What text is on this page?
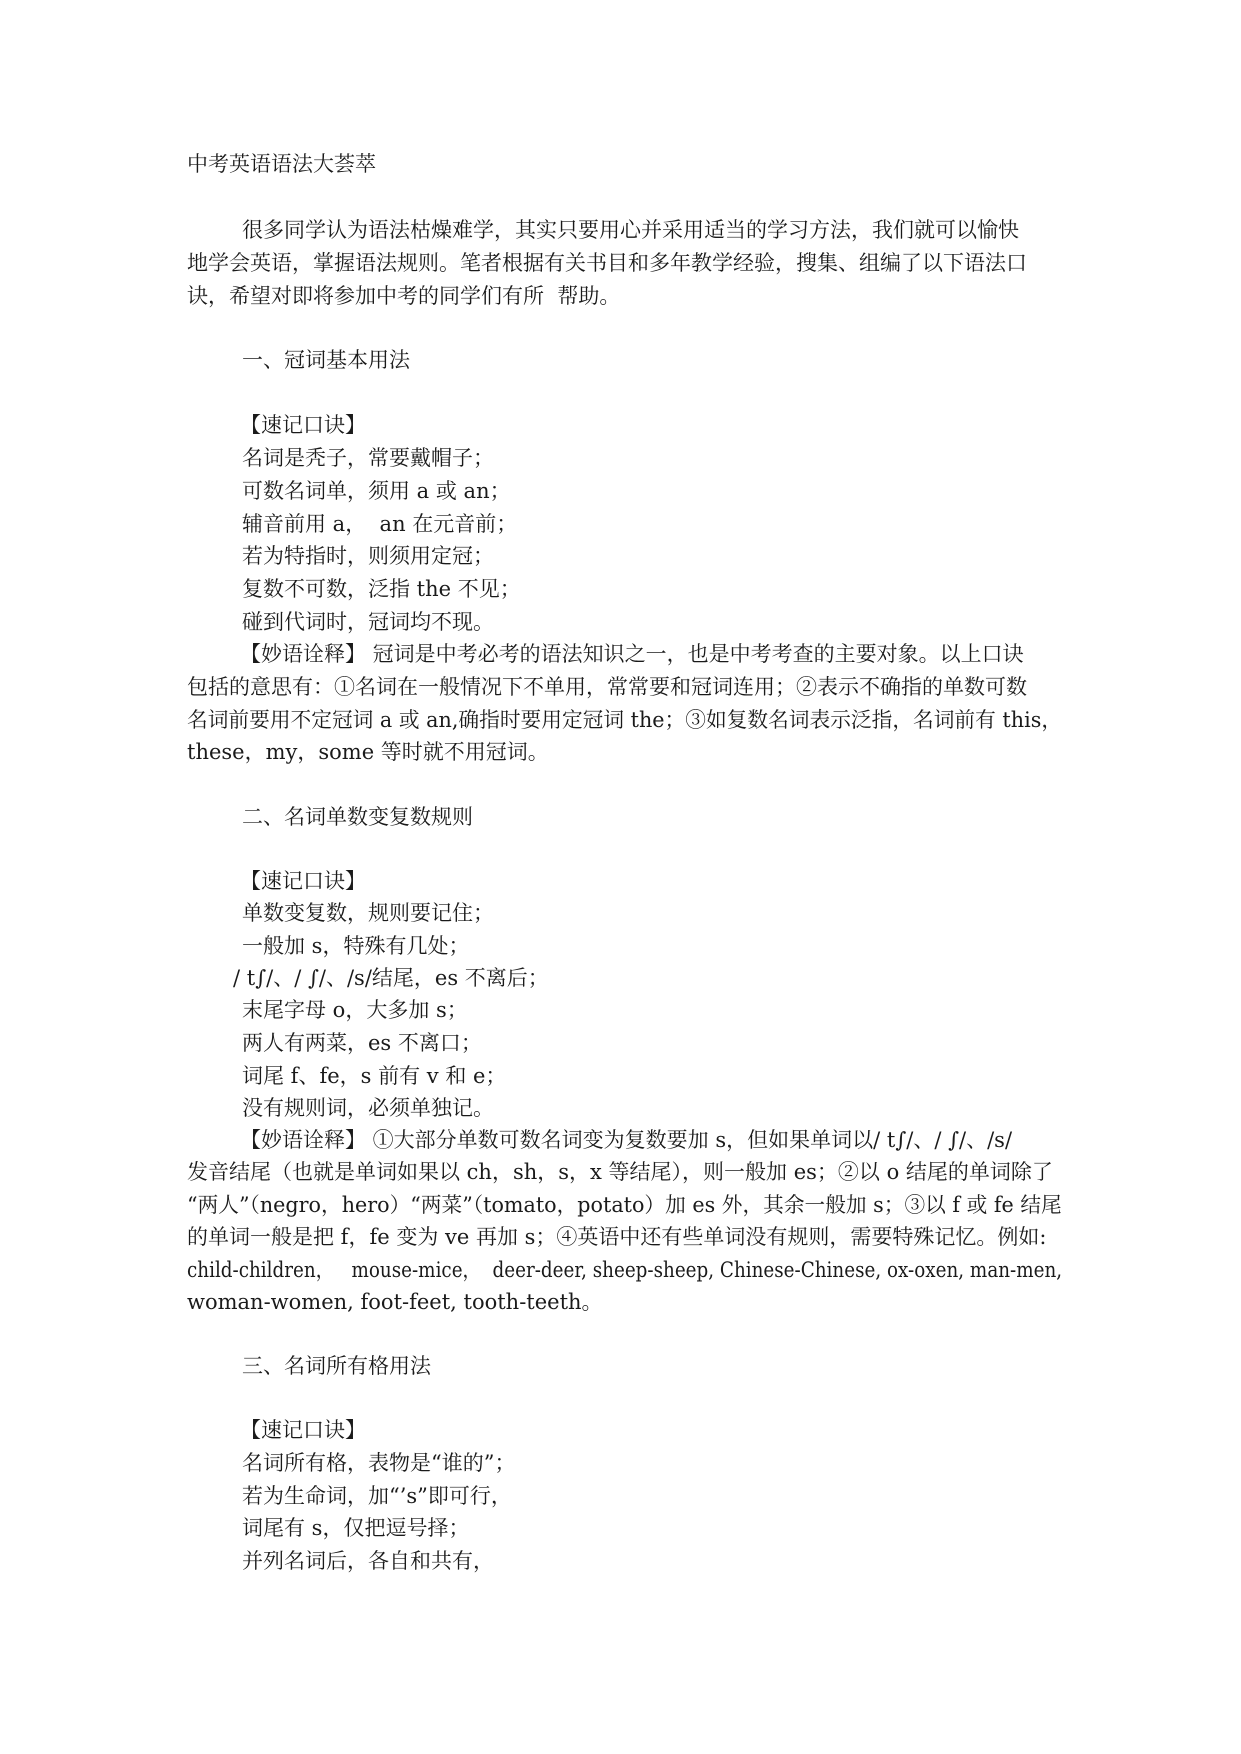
中考英语语法大荟萃
很多同学认为语法枯燥难学，其实只要用心并采用适当的学习方法，我们就可以愉快
地学会英语，掌握语法规则。笔者根据有关书目和多年教学经验，搜集、组编了以下语法口
诀，希望对即将参加中考的同学们有所  帮助。
一、冠词基本用法
【速记口诀】
名词是秃子，常要戴帽子；
可数名词单，须用 a 或 an；
辅音前用 a，  an 在元音前；
若为特指时，则须用定冠；
复数不可数，泛指 the 不见；
碰到代词时，冠词均不现。
【妙语诠释】 冠词是中考必考的语法知识之一，也是中考考查的主要对象。以上口诀
包括的意思有：①名词在一般情况下不单用，常常要和冠词连用；②表示不确指的单数可数
名词前要用不定冠词 a 或 an,确指时要用定冠词 the；③如复数名词表示泛指，名词前有 this，
these，my，some 等时就不用冠词。
二、名词单数变复数规则
【速记口诀】
单数变复数，规则要记住；
一般加 s，特殊有几处；
/ t∫/、/ ∫/、/s/结尾，es 不离后；
末尾字母 o，大多加 s；
两人有两菜，es 不离口；
词尾 f、fe，s 前有 v 和 e；
没有规则词，必须单独记。
【妙语诠释】 ①大部分单数可数名词变为复数要加 s，但如果单词以/ t∫/、/ ∫/、/s/
发音结尾（也就是单词如果以 ch，sh，s，x 等结尾），则一般加 es；②以 o 结尾的单词除了
“两人”（negro，hero）“两菜”（tomato，potato）加 es 外，其余一般加 s；③以 f 或 fe 结尾
的单词一般是把 f，fe 变为 ve 再加 s；④英语中还有些单词没有规则，需要特殊记忆。例如:
child-children，   mouse-mice，  deer-deer, sheep-sheep, Chinese-Chinese, ox-oxen, man-men,
woman-women, foot-feet, tooth-teeth。
三、名词所有格用法
【速记口诀】
名词所有格，表物是“谁的”；
若为生命词，加“’s”即可行，
词尾有 s，仅把逗号择；
并列名词后，各自和共有，
